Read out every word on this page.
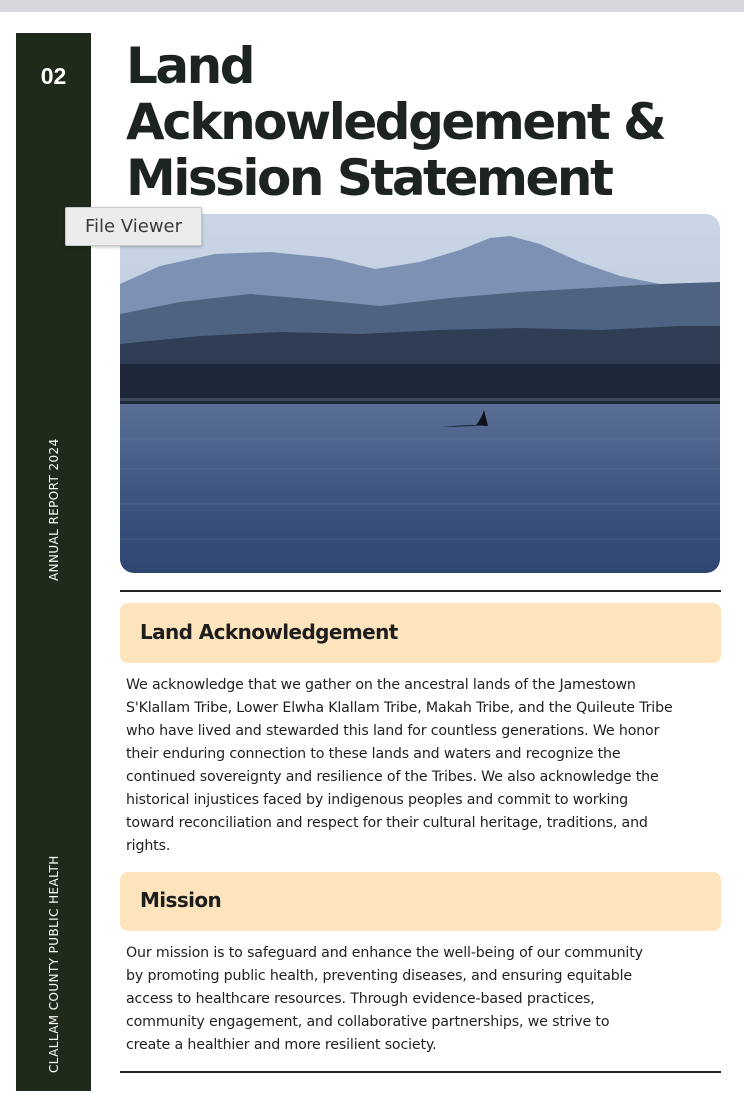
02
ANNUAL REPORT 2024
CLALLAM COUNTY PUBLIC HEALTH
Land
Acknowledgement &
Mission Statement
Land Acknowledgement

We acknowledge that we gather on the ancestral lands of the Jamestown
S'Klallam Tribe, Lower Elwha Klallam Tribe, Makah Tribe, and the Quileute Tribe
who have lived and stewarded this land for countless generations. We honor
their enduring connection to these lands and waters and recognize the
continued sovereignty and resilience of the Tribes. We also acknowledge the
historical injustices faced by indigenous peoples and commit to working
toward reconciliation and respect for their cultural heritage, traditions, and
rights.

Mission

Our mission is to safeguard and enhance the well-being of our community
by promoting public health, preventing diseases, and ensuring equitable
access to healthcare resources. Through evidence-based practices,
community engagement, and collaborative partnerships, we strive to
create a healthier and more resilient society.

File Viewer
